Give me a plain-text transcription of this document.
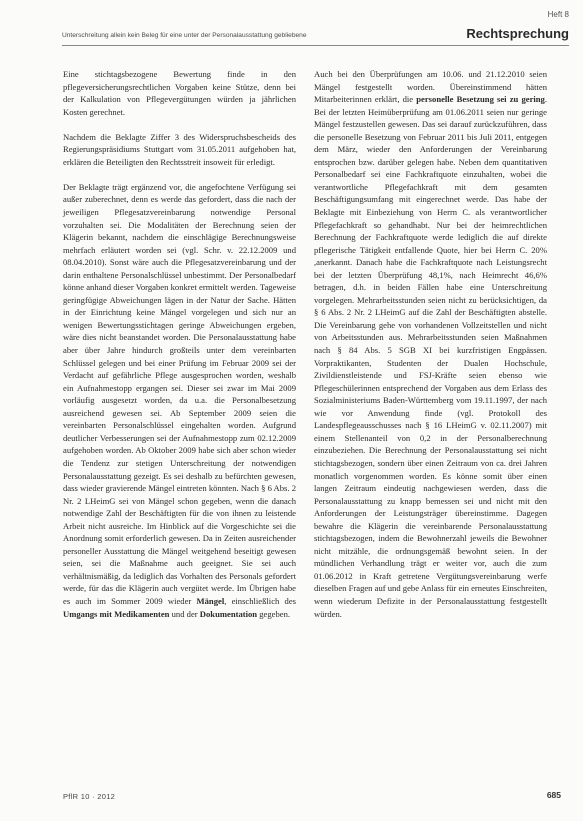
Heft 8
Unterschreitung allein kein Beleg für eine unter der Personalausstattung gebliebene	Rechtsprechung

Eine stichtagsbezogene Bewertung finde in den pflegeversicherungsrechtlichen Vorgaben keine Stütze, denn bei der Kalkulation von Pflegevergütungen würden ja jährlichen Kosten gerechnet.

Nachdem die Beklagte Ziffer 3 des Widerspruchsbescheids des Regierungspräsidiums Stuttgart vom 31.05.2011 aufgehoben hat, erklären die Beteiligten den Rechtsstreit insoweit für erledigt.

Der Beklagte trägt ergänzend vor, die angefochtene Verfügung sei außer zuberechnet, denn es werde das gefordert, dass die nach der jeweiligen Pflegesatzvereinbarung notwendige Personal vorzuhalten sei. Die Modalitäten der Berechnung seien der Klägerin bekannt, nachdem die einschlägige Berechnungsweise mehrfach erläutert worden sei (vgl. Schr. v. 22.12.2009 und 08.04.2010). Sonst wäre auch die Pflegesatzvereinbarung und der darin enthaltene Personalschlüssel unbestimmt. Der Personalbedarf könne anhand dieser Vorgaben konkret ermittelt werden. Tageweise geringfügige Abweichungen lägen in der Natur der Sache. Hätten in der Einrichtung keine Mängel vorgelegen und sich nur an wenigen Bewertungsstichtagen geringe Abweichungen ergeben, wäre dies nicht beanstandet worden. Die Personalausstattung habe aber über Jahre hindurch großteils unter dem vereinbarten Schlüssel gelegen und bei einer Prüfung im Februar 2009 sei der Verdacht auf gefährliche Pflege ausgesprochen worden, weshalb ein Aufnahmestopp ergangen sei. Dieser sei zwar im Mai 2009 vorläufig ausgesetzt worden, da u.a. die Personalbesetzung ausreichend gewesen sei. Ab September 2009 seien die vereinbarten Personalschlüssel eingehalten worden. Aufgrund deutlicher Verbesserungen sei der Aufnahmestopp zum 02.12.2009 aufgehoben worden. Ab Oktober 2009 habe sich aber schon wieder die Tendenz zur stetigen Unterschreitung der notwendigen Personalausstattung gezeigt. Es sei deshalb zu befürchten gewesen, dass wieder gravierende Mängel eintreten könnten. Nach § 6 Abs. 2 Nr. 2 LHeimG sei von Mängel schon gegeben, wenn die danach notwendige Zahl der Beschäftigten für die von ihnen zu leistende Arbeit nicht ausreiche. Im Hinblick auf die Vorgeschichte sei die Anordnung somit erforderlich gewesen. Da in Zeiten ausreichender personeller Ausstattung die Mängel weitgehend beseitigt gewesen seien, sei die Maßnahme auch geeignet. Sie sei auch verhältnismäßig, da lediglich das Vorhalten des Personals gefordert werde, für das die Klägerin auch vergütet werde. Im Übrigen habe es auch im Sommer 2009 wieder Mängel, einschließlich des Umgangs mit Medikamenten und der Dokumentation gegeben.

Auch bei den Überprüfungen am 10.06. und 21.12.2010 seien Mängel festgestellt worden. Übereinstimmend hätten Mitarbeiterinnen erklärt, die personelle Besetzung sei zu gering. Bei der letzten Heimüberprüfung am 01.06.2011 seien nur geringe Mängel festzustellen gewesen. Das sei darauf zurückzuführen, dass die personelle Besetzung von Februar 2011 bis Juli 2011, entgegen dem März, wieder den Anforderungen der Vereinbarung entsprochen bzw. darüber gelegen habe. Neben dem quantitativen Personalbedarf sei eine Fachkraftquote einzuhalten, wobei die verantwortliche Pflegefachkraft mit dem gesamten Beschäftigungsumfang mit eingerechnet werde. Das habe der Beklagte mit Einbeziehung von Herrn C. als verantwortlicher Pflegefachkraft so gehandhabt. Nur bei der heimrechtlichen Berechnung der Fachkraftquote werde lediglich die auf direkte pflegerische Tätigkeit entfallende Quote, hier bei Herrn C. 20% ,anerkannt. Danach habe die Fachkraftquote nach Leistungsrecht bei der letzten Überprüfung 48,1%, nach Heimrecht 46,6% betragen, d.h. in beiden Fällen habe eine Unterschreitung vorgelegen. Mehrarbeitsstunden seien nicht zu berücksichtigen, da § 6 Abs. 2 Nr. 2 LHeimG auf die Zahl der Beschäftigten abstelle. Die Vereinbarung gehe von vorhandenen Vollzeitstellen und nicht von Arbeitsstunden aus. Mehrarbeitsstunden seien Maßnahmen nach § 84 Abs. 5 SGB XI bei kurzfristigen Engpässen. Vorpraktikanten, Studenten der Dualen Hochschule, Zivildienstleistende und FSJ-Kräfte seien ebenso wie Pflegeschülerinnen entsprechend der Vorgaben aus dem Erlass des Sozialministeriums Baden-Württemberg vom 19.11.1997, der nach wie vor Anwendung finde (vgl. Protokoll des Landespflegeausschusses nach § 16 LHeimG v. 02.11.2007) mit einem Stellenanteil von 0,2 in der Personalberechnung einzubeziehen. Die Berechnung der Personalausstattung sei nicht stichtagsbezogen, sondern über einen Zeitraum von ca. drei Jahren monatlich vorgenommen worden. Es könne somit über einen langen Zeitraum eindeutig nachgewiesen werden, dass die Personalausstattung zu knapp bemessen sei und nicht mit den Anforderungen der Leistungsträger übereinstimme. Dagegen bewahre die Klägerin die vereinbarende Personalausstattung stichtagsbezogen, indem die Bewohnerzahl jeweils die Bewohner nicht mitzähle, die ordnungsgemäß bewohnt seien. In der mündlichen Verhandlung trägt er weiter vor, auch die zum 01.06.2012 in Kraft getretene Vergütungsvereinbarung werfe dieselben Fragen auf und gebe Anlass für ein erneutes Einschreiten, wenn wiederum Defizite in der Personalausstattung festgestellt würden.

PflR 10 · 2012	685
